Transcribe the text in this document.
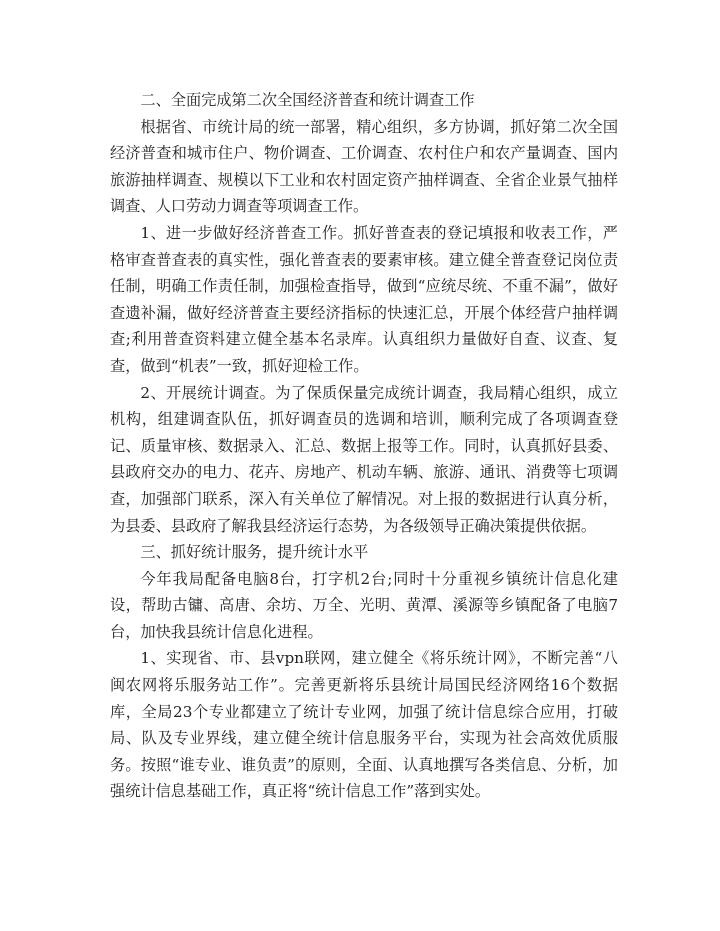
二、全面完成第二次全国经济普查和统计调查工作

根据省、市统计局的统一部署，精心组织，多方协调，抓好第二次全国经济普查和城市住户、物价调查、工价调查、农村住户和农产量调查、国内旅游抽样调查、规模以下工业和农村固定资产抽样调查、全省企业景气抽样调查、人口劳动力调查等项调查工作。

1、进一步做好经济普查工作。抓好普查表的登记填报和收表工作，严格审查普查表的真实性，强化普查表的要素审核。建立健全普查登记岗位责任制，明确工作责任制，加强检查指导，做到“应统尽统、不重不漏”，做好查遗补漏，做好经济普查主要经济指标的快速汇总，开展个体经营户抽样调查;利用普查资料建立健全基本名录库。认真组织力量做好自查、议查、复查，做到“机表”一致，抓好迎检工作。

2、开展统计调查。为了保质保量完成统计调查，我局精心组织，成立机构，组建调查队伍，抓好调查员的选调和培训，顺利完成了各项调查登记、质量审核、数据录入、汇总、数据上报等工作。同时，认真抓好县委、县政府交办的电力、花卉、房地产、机动车辆、旅游、通讯、消费等七项调查，加强部门联系，深入有关单位了解情况。对上报的数据进行认真分析，为县委、县政府了解我县经济运行态势，为各级领导正确决策提供依据。

三、抓好统计服务，提升统计水平

今年我局配备电脑8台，打字机2台;同时十分重视乡镇统计信息化建设，帮助古镛、高唐、余坊、万全、光明、黄潭、溪源等乡镇配备了电脑7台，加快我县统计信息化进程。

1、实现省、市、县vpn联网，建立健全《将乐统计网》，不断完善“八闽农网将乐服务站工作”。完善更新将乐县统计局国民经济网络16个数据库，全局23个专业都建立了统计专业网，加强了统计信息综合应用，打破局、队及专业界线，建立健全统计信息服务平台，实现为社会高效优质服务。按照“谁专业、谁负责”的原则，全面、认真地撰写各类信息、分析，加强统计信息基础工作，真正将“统计信息工作”落到实处。
